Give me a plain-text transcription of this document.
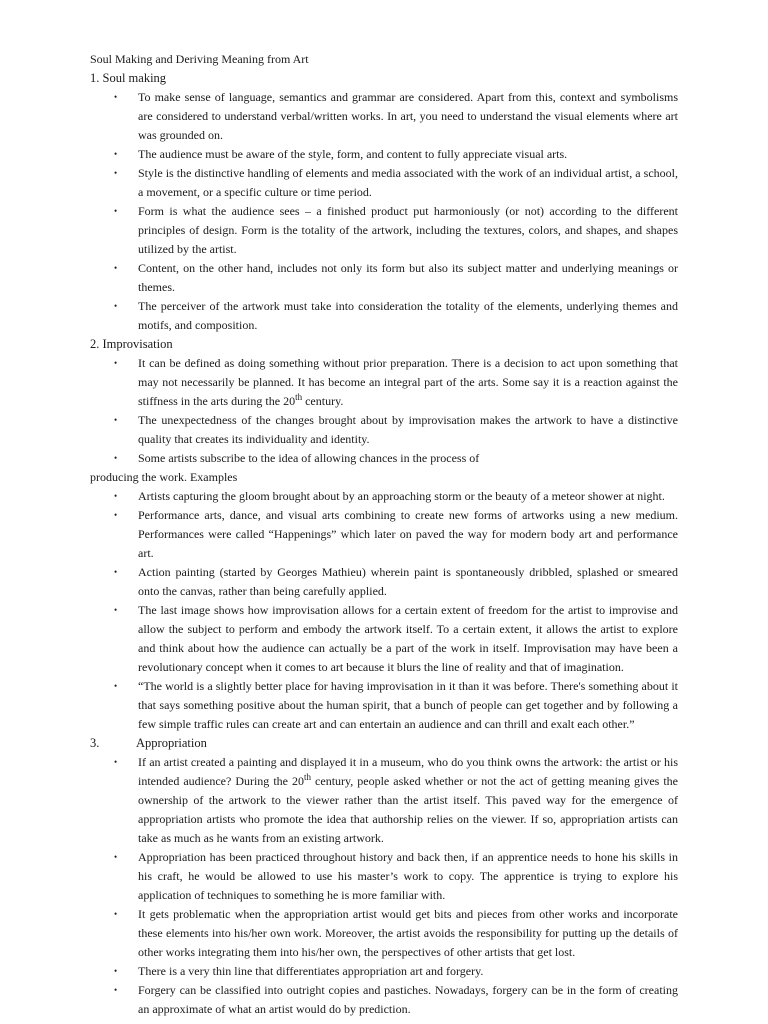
Soul Making and Deriving Meaning from Art

1. Soul making

• To make sense of language, semantics and grammar are considered. Apart from this, context and symbolisms are considered to understand verbal/written works. In art, you need to understand the visual elements where art was grounded on.
• The audience must be aware of the style, form, and content to fully appreciate visual arts.
• Style is the distinctive handling of elements and media associated with the work of an individual artist, a school, a movement, or a specific culture or time period.
• Form is what the audience sees – a finished product put harmoniously (or not) according to the different principles of design. Form is the totality of the artwork, including the textures, colors, and shapes, and shapes utilized by the artist.
• Content, on the other hand, includes not only its form but also its subject matter and underlying meanings or themes.
• The perceiver of the artwork must take into consideration the totality of the elements, underlying themes and motifs, and composition.

2. Improvisation

• It can be defined as doing something without prior preparation. There is a decision to act upon something that may not necessarily be planned. It has become an integral part of the arts. Some say it is a reaction against the stiffness in the arts during the 20th century.
• The unexpectedness of the changes brought about by improvisation makes the artwork to have a distinctive quality that creates its individuality and identity.
• Some artists subscribe to the idea of allowing chances in the process of

producing the work. Examples

• Artists capturing the gloom brought about by an approaching storm or the beauty of a meteor shower at night.
• Performance arts, dance, and visual arts combining to create new forms of artworks using a new medium. Performances were called “Happenings” which later on paved the way for modern body art and performance art.
• Action painting (started by Georges Mathieu) wherein paint is spontaneously dribbled, splashed or smeared onto the canvas, rather than being carefully applied.
• The last image shows how improvisation allows for a certain extent of freedom for the artist to improvise and allow the subject to perform and embody the artwork itself. To a certain extent, it allows the artist to explore and think about how the audience can actually be a part of the work in itself. Improvisation may have been a revolutionary concept when it comes to art because it blurs the line of reality and that of imagination.
• “The world is a slightly better place for having improvisation in it than it was before. There's something about it that says something positive about the human spirit, that a bunch of people can get together and by following a few simple traffic rules can create art and can entertain an audience and can thrill and exalt each other.”

3.	Appropriation

• If an artist created a painting and displayed it in a museum, who do you think owns the artwork: the artist or his intended audience? During the 20th century, people asked whether or not the act of getting meaning gives the ownership of the artwork to the viewer rather than the artist itself. This paved way for the emergence of appropriation artists who promote the idea that authorship relies on the viewer. If so, appropriation artists can take as much as he wants from an existing artwork.
• Appropriation has been practiced throughout history and back then, if an apprentice needs to hone his skills in his craft, he would be allowed to use his master’s work to copy. The apprentice is trying to explore his application of techniques to something he is more familiar with.
• It gets problematic when the appropriation artist would get bits and pieces from other works and incorporate these elements into his/her own work. Moreover, the artist avoids the responsibility for putting up the details of other works integrating them into his/her own, the perspectives of other artists that get lost.
• There is a very thin line that differentiates appropriation art and forgery.
• Forgery can be classified into outright copies and pastiches. Nowadays, forgery can be in the form of creating an approximate of what an artist would do by prediction.
